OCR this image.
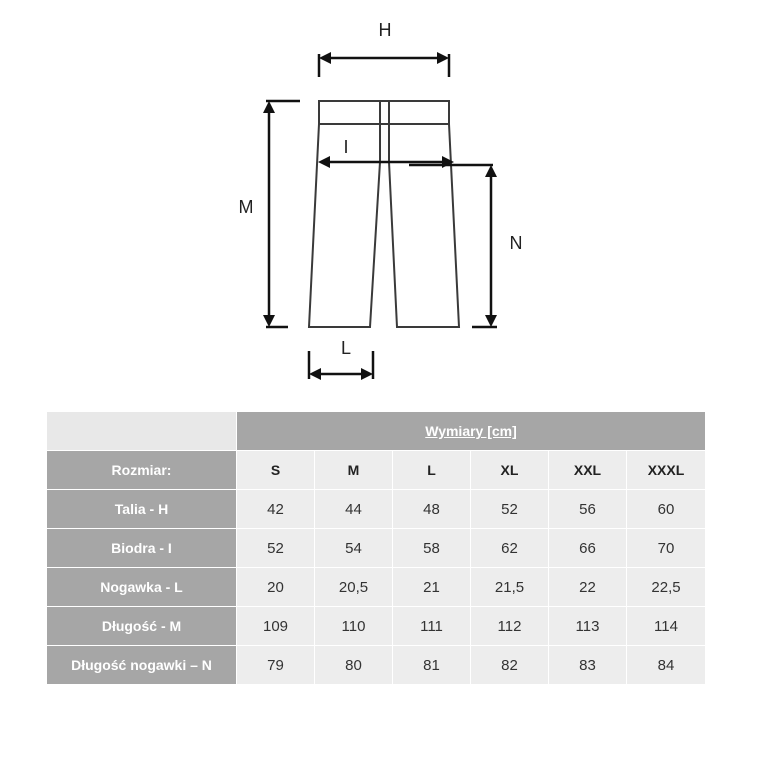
H
I
M
N
L
	Wymiary [cm]					
Rozmiar:	S	M	L	XL	XXL	XXXL
Talia - H	42	44	48	52	56	60
Biodra - I	52	54	58	62	66	70
Nogawka - L	20	20,5	21	21,5	22	22,5
Długość - M	109	110	111	112	113	114
Długość nogawki – N	79	80	81	82	83	84
